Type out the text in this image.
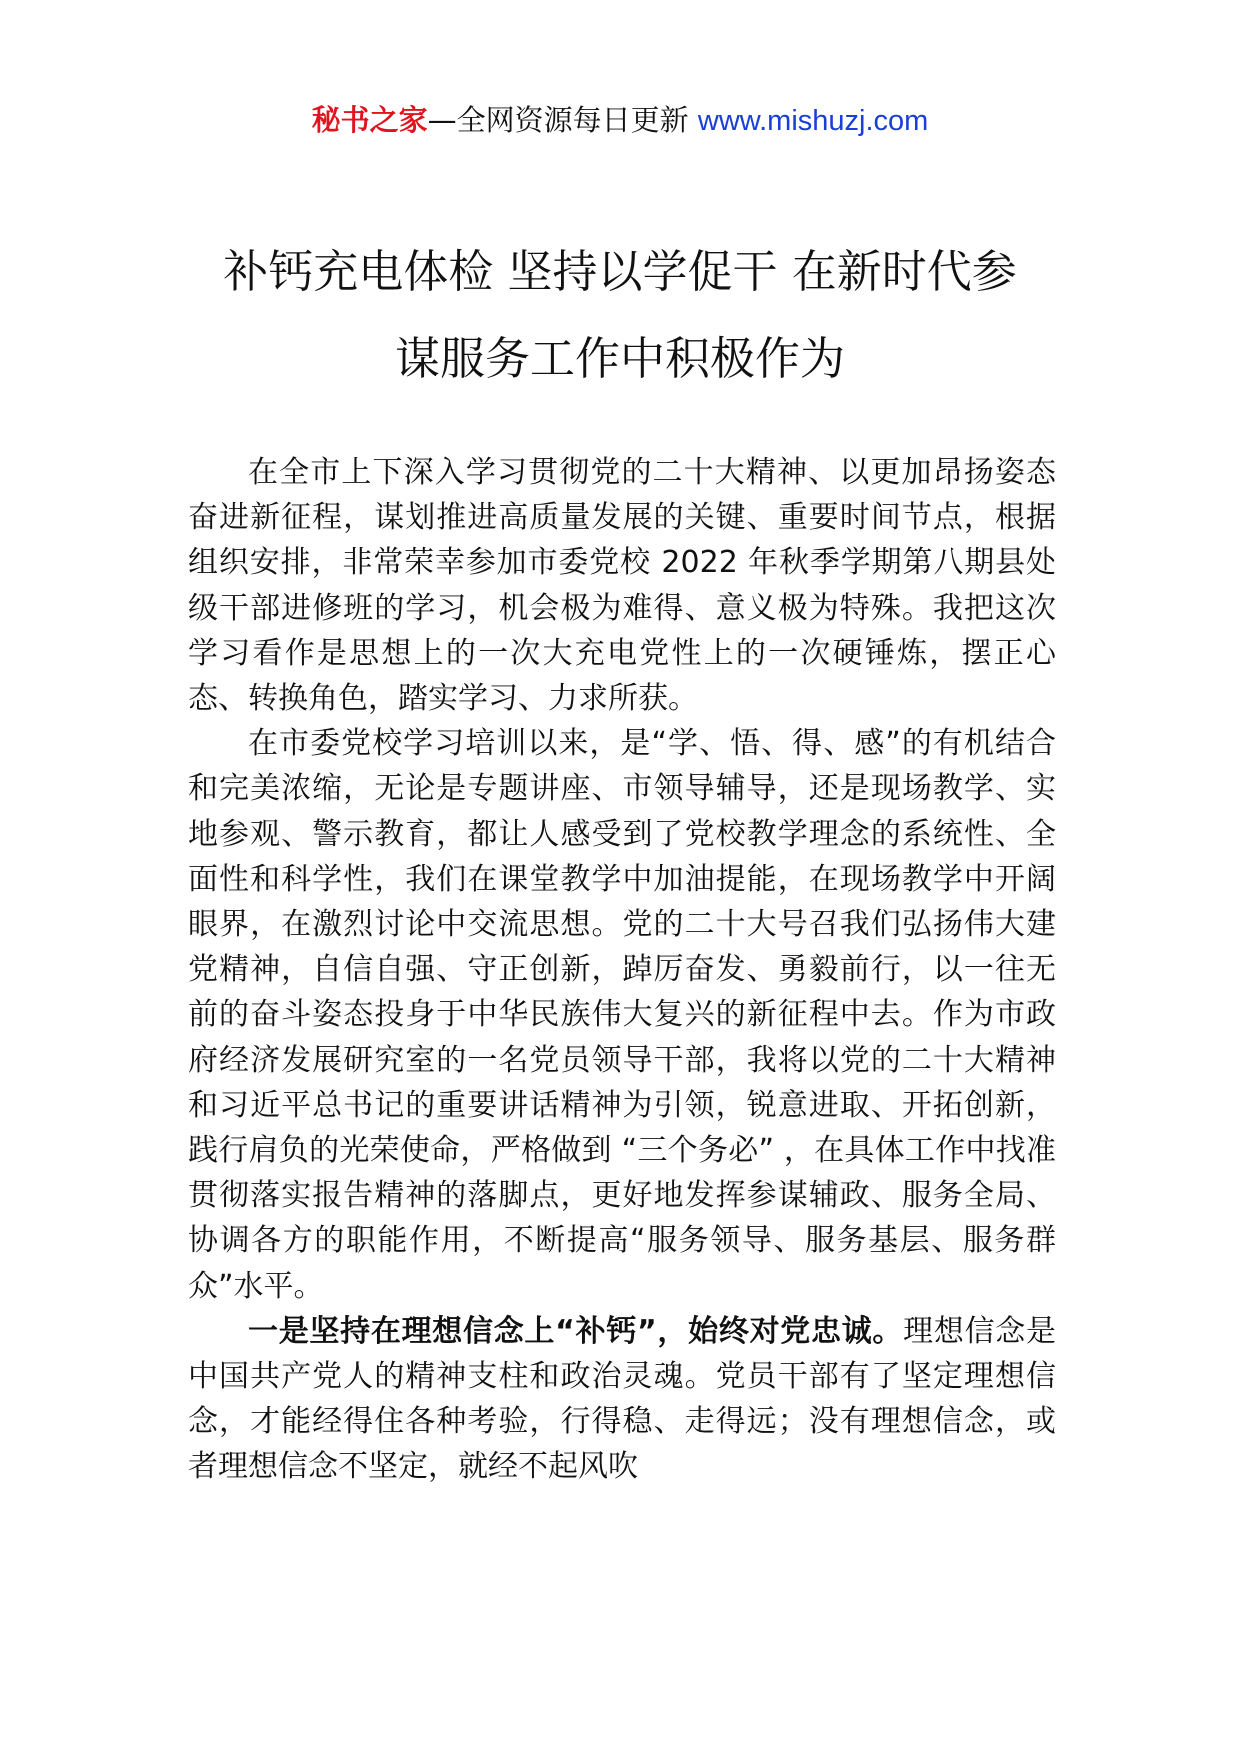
秘书之家—全网资源每日更新 www.mishuzj.com
补钙充电体检 坚持以学促干 在新时代参
谋服务工作中积极作为

在全市上下深入学习贯彻党的二十大精神、以更加昂扬姿态奋进新征程，谋划推进高质量发展的关键、重要时间节点，根据组织安排，非常荣幸参加市委党校 2022 年秋季学期第八期县处级干部进修班的学习，机会极为难得、意义极为特殊。我把这次学习看作是思想上的一次大充电党性上的一次硬锤炼，摆正心态、转换角色，踏实学习、力求所获。

在市委党校学习培训以来，是“学、悟、得、感”的有机结合和完美浓缩，无论是专题讲座、市领导辅导，还是现场教学、实地参观、警示教育，都让人感受到了党校教学理念的系统性、全面性和科学性，我们在课堂教学中加油提能，在现场教学中开阔眼界，在激烈讨论中交流思想。党的二十大号召我们弘扬伟大建党精神，自信自强、守正创新，踔厉奋发、勇毅前行，以一往无前的奋斗姿态投身于中华民族伟大复兴的新征程中去。作为市政府经济发展研究室的一名党员领导干部，我将以党的二十大精神和习近平总书记的重要讲话精神为引领，锐意进取、开拓创新，践行肩负的光荣使命，严格做到 “三个务必” ，在具体工作中找准贯彻落实报告精神的落脚点，更好地发挥参谋辅政、服务全局、协调各方的职能作用，不断提高“服务领导、服务基层、服务群众”水平。

一是坚持在理想信念上“补钙”，始终对党忠诚。理想信念是中国共产党人的精神支柱和政治灵魂。党员干部有了坚定理想信念，才能经得住各种考验，行得稳、走得远；没有理想信念，或者理想信念不坚定，就经不起风吹
